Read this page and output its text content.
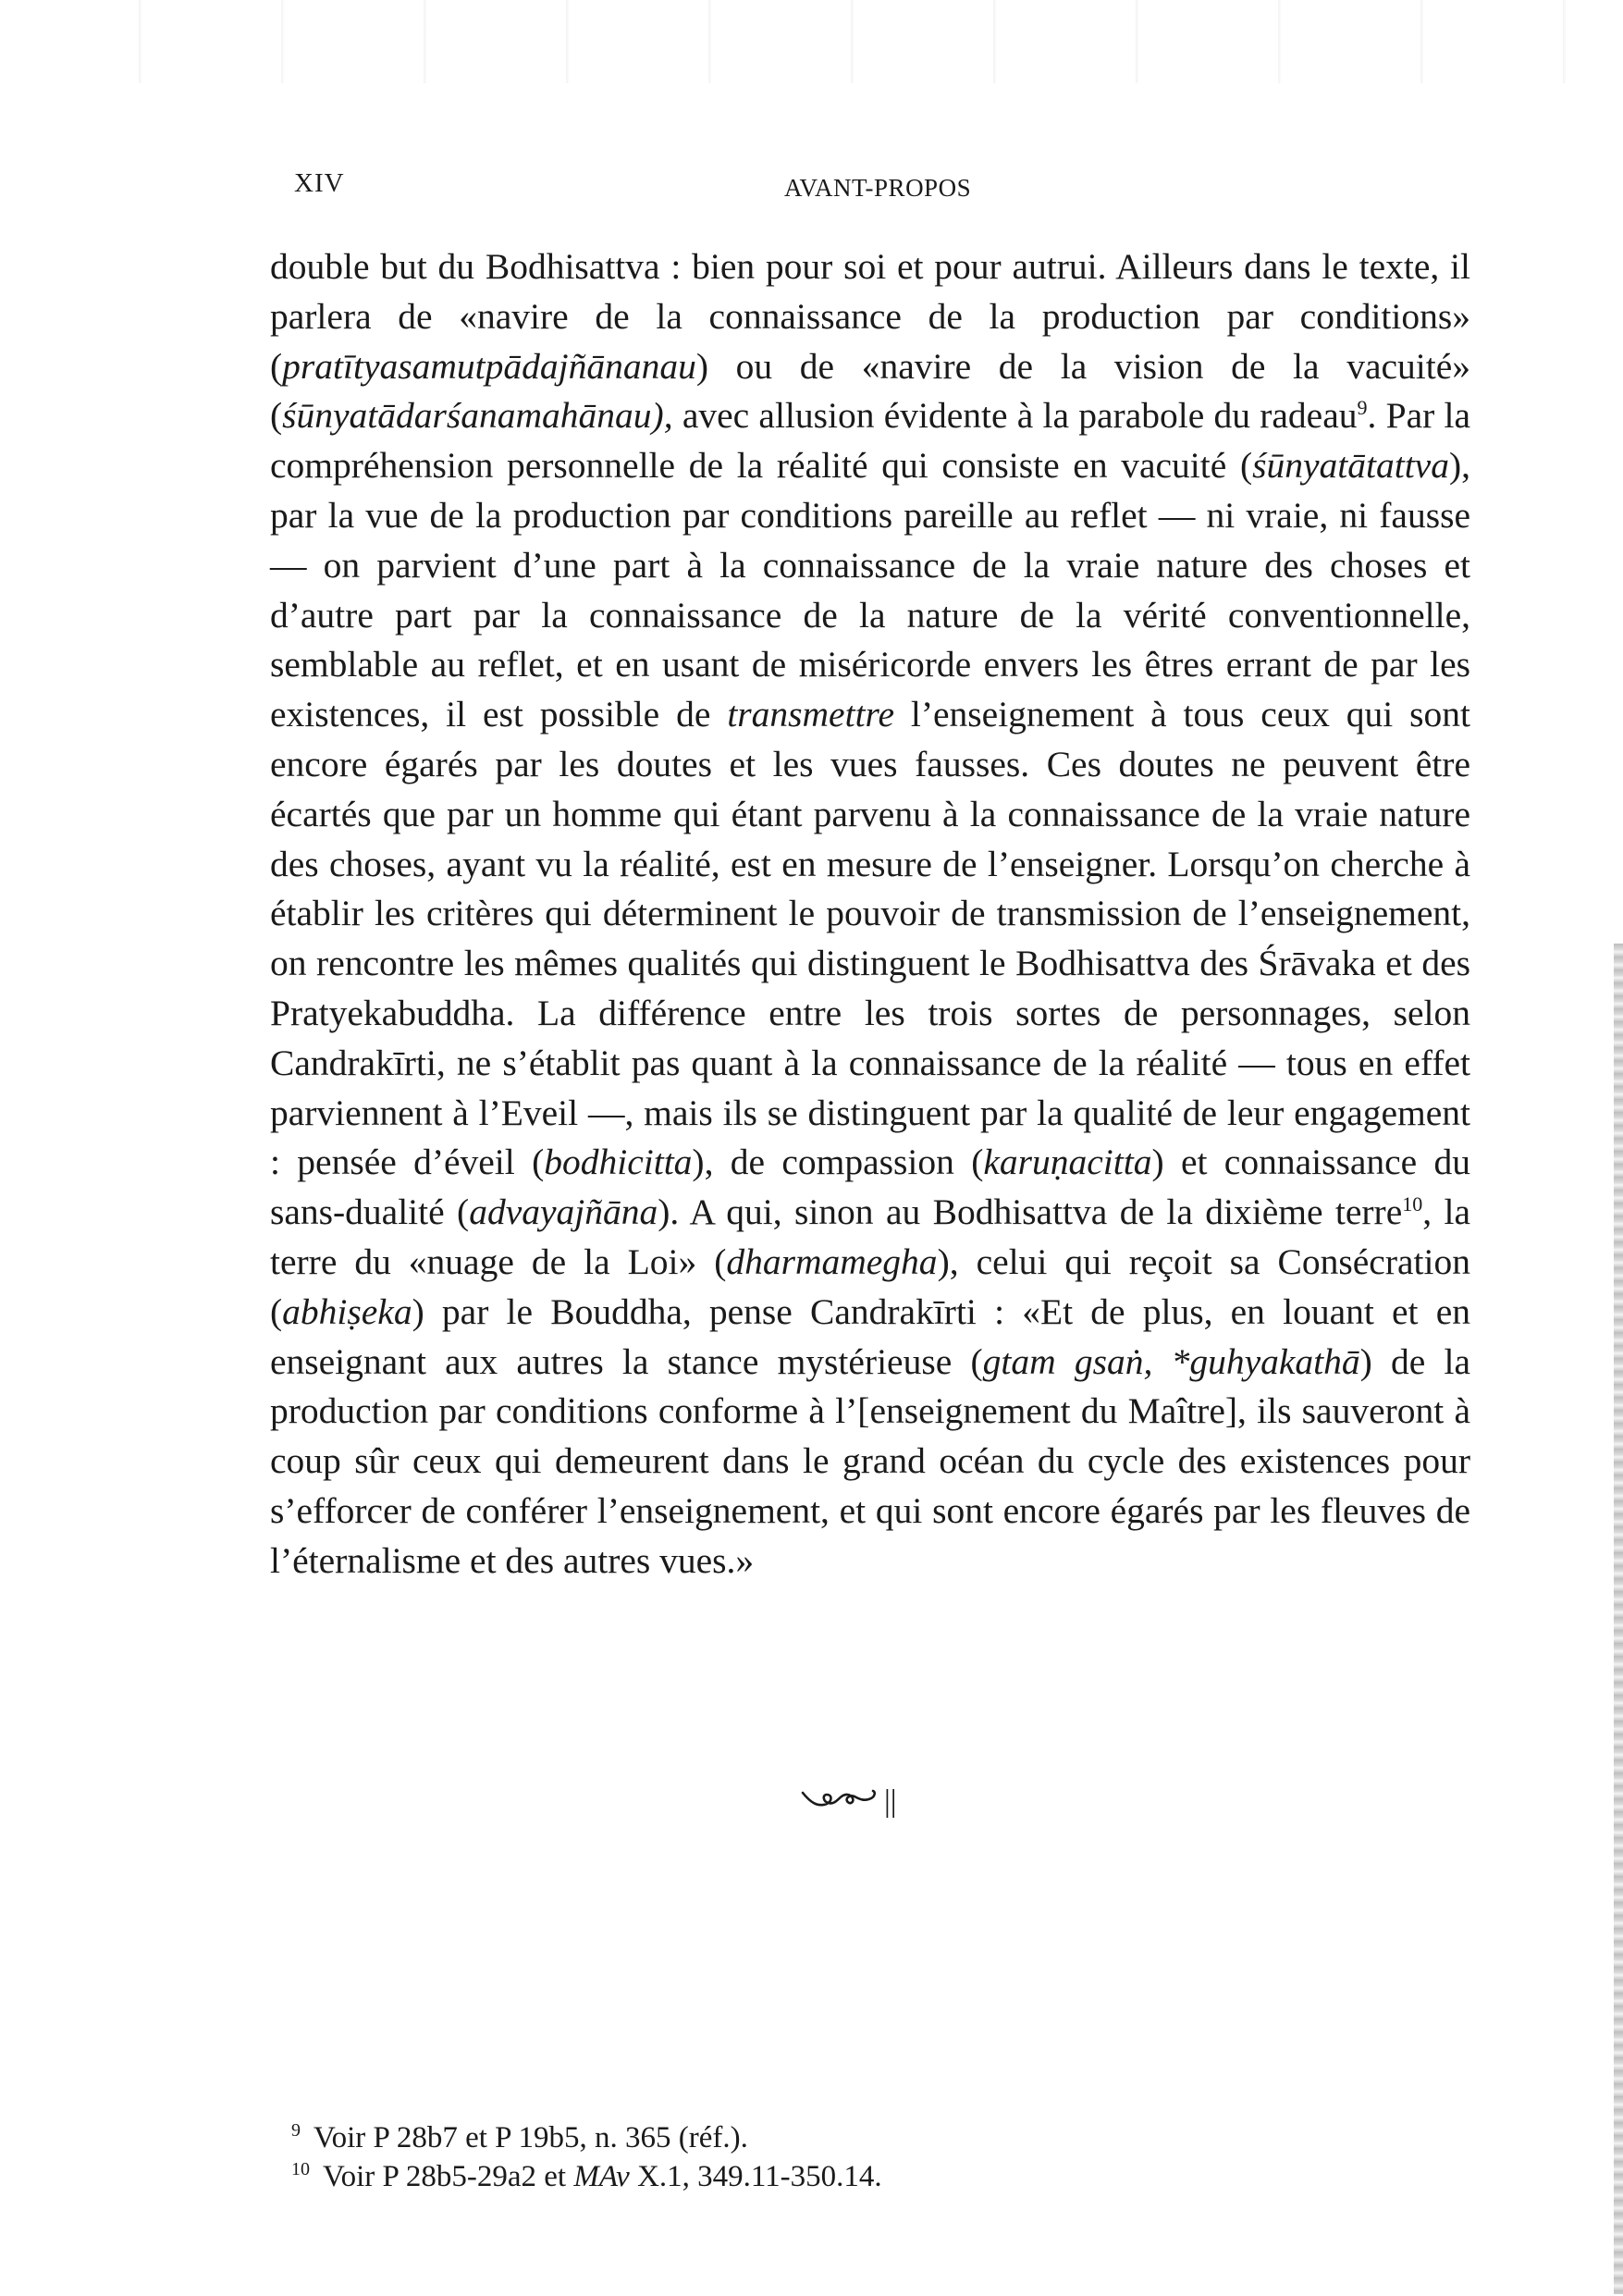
XIV	AVANT-PROPOS

double but du Bodhisattva : bien pour soi et pour autrui. Ailleurs dans le texte, il parlera de «navire de la connaissance de la production par conditions» (pratītyasamutpādajñānanau) ou de «navire de la vision de la vacuité» (śūnyatādarśanamahānau), avec allusion évidente à la parabole du radeau$^9$. Par la compréhension personnelle de la réalité qui consiste en vacuité (śūnyatātattva), par la vue de la production par conditions pareille au reflet — ni vraie, ni fausse — on parvient d’une part à la connaissance de la vraie nature des choses et d’autre part par la connaissance de la nature de la vérité conventionnelle, semblable au reflet, et en usant de miséricorde envers les êtres errant de par les existences, il est possible de transmettre l’enseignement à tous ceux qui sont encore égarés par les doutes et les vues fausses. Ces doutes ne peuvent être écartés que par un homme qui étant parvenu à la connaissance de la vraie nature des choses, ayant vu la réalité, est en mesure de l’enseigner. Lorsqu’on cherche à établir les critères qui déterminent le pouvoir de transmission de l’enseignement, on rencontre les mêmes qualités qui distinguent le Bodhisattva des Śrāvaka et des Pratyekabuddha. La différence entre les trois sortes de personnages, selon Candrakīrti, ne s’établit pas quant à la connaissance de la réalité — tous en effet parviennent à l’Eveil —, mais ils se distinguent par la qualité de leur engagement : pensée d’éveil (bodhicitta), de compassion (karuṇacitta) et connaissance du sans-dualité (advayajñāna). A qui, sinon au Bodhisattva de la dixième terre$^{10}$, la terre du «nuage de la Loi» (dharmamegha), celui qui reçoit sa Consécration (abhiṣeka) par le Bouddha, pense Candrakīrti : «Et de plus, en louant et en enseignant aux autres la stance mystérieuse (gtam gsaṅ, *guhyakathā) de la production par conditions conforme à l’[enseignement du Maître], ils sauveront à coup sûr ceux qui demeurent dans le grand océan du cycle des existences pour s’efforcer de conférer l’enseignement, et qui sont encore égarés par les fleuves de l’éternalisme et des autres vues.»

||

$^9$ Voir P 28b7 et P 19b5, n. 365 (réf.).

$^{10}$ Voir P 28b5-29a2 et MAv X.1, 349.11-350.14.
